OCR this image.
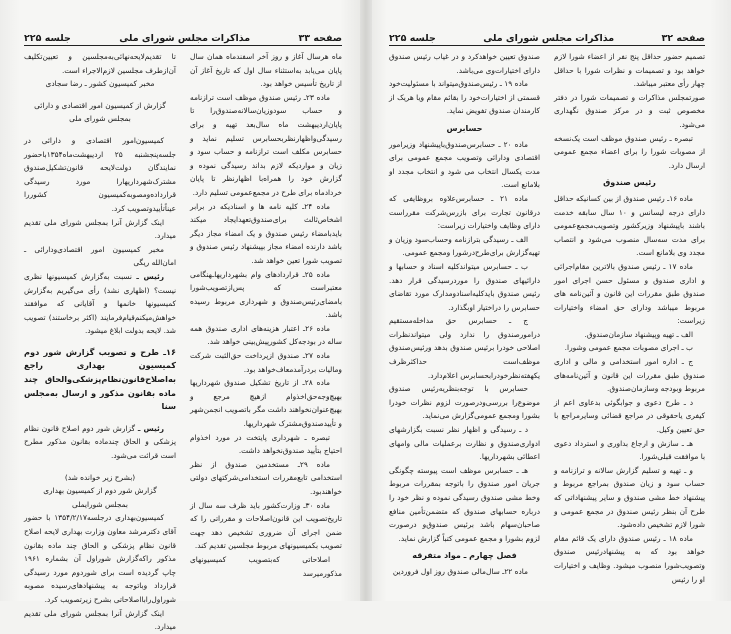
صفحه ۳۳
مذاکرات مجلس شورای ملی
جلسه ۲۲۵

ماه هرسال آغاز و روز آخر اسفندماه همان سال پایان می‌یابد به‌استثناء سال اول که تاریخ آغاز آن از تاریخ تأسیس خواهد بود.

ماده ۲۳ـ رئیس صندوق موظف است ترازنامه و حساب سودوزیان‌سالانه‌صندوق‌را تا پایان‌اردیبهشت ماه سال‌بعد تهیه و برای رسیدگی‌واظهارنظربحسابرس تسلیم نماید و حسابرس مکلف است ترازنامه و حساب سود و زیان و مواردیکه لازم بداند رسیدگی نموده و گزارش خود را همراه‌با اظهارنظر تا پایان خردادماه برای طرح در مجمع‌عمومی تسلیم دارد.

ماده ۲۴ـ کلیه نامه ها و اسنادیکه در برابر اشخاص‌ثالث برای‌صندوق‌تعهدایجاد میکند باید‌بامضاء رئیس صندوق و یک امضاء مجاز دیگر باشد دارنده امضاء مجاز بپیشنهاد رئیس صندوق و تصویب شورا تعین خواهد شد.

ماده ۲۵ـ قراردادهای وام بشهرداریها‌ـهنگامی معتبراست که پس‌ازتصویب‌شورا بامضای‌رئیس‌صندوق و شهرداری مربوط رسیده باشد.

ماده ۲۶ـ اعتبار هزینه‌های اداری صندوق همه ساله در بودجه‌کل کشورپیش‌بینی خواهد شد.

ماده ۲۷ـ صندوق ازپرداخت حق‌الثبت شرکت ومالیات بردرآمدمعاف‌خواهد بود.

ماده ۲۸ـ از تاریخ تشکیل صندوق شهرداریها بهیچ‌وجه‌حق‌اخذوام ازهیچ مرجع و بهیچ‌عنوان‌نخواهند داشت مگر باتصویب انجمن‌شهر و تأییدصندوق‌مشترک شهرداریها.

تبصره ـ شهرداری پایتخت در مورد اخذوام احتیاج بتأیید صندوق‌نخواهد داشت.

ماده ۲۹ـ مستخدمین صندوق از نظر استخدامی تابع‌مقررات استخدامی‌شرکتهای دولتی خواهندبود.

ماده ۳۰ـ وزارت‌کشور باید ظرف سه سال از تاریخ‌تصویب این قانون‌اصلاحات و مقرراتی را که ضمن اجرای آن ضروری تشخیص دهد جهت تصویب بکمیسیونهای مربوط مجلسین تقدیم کند.

اصلاحاتی که‌بتصویب کمیسیونهای مذکورمیرسد

تا تقدیم‌لایحه‌نهائی‌به‌مجلسین و تعیین‌تکلیف آن‌ازطرف مجلسین لازم‌الاجراء است.

مخبر کمیسیون کشور ـ رضا سجادی

گزارش از کمیسیون امور اقتصادی و دارائی

بمجلس شورای ملی

کمیسیون‌امور اقتصادی و دارائی در جلسه‌پنجشنبه ۲۵ اردیبهشت‌ماه۱۳۵۴باحضور نمایندگان دولت‌لایحه قانون‌تشکیل‌صندوق مشترک‌شهرداریهارا مورد رسیدگی قرارداده‌ومصوبه‌کمیسیون کشوررا عیناًتأییدوتصویب کرد.

اینک گزارش آنرا بمجلس شورای ملی تقدیم میدارد.

مخبر کمیسیون امور اقتصادی‌ودارائی ـ امان‌الله ریگی

رئیس ـ نسبت به‌گزارش کمیسیونها نظری نیست؟ (اظهاری نشد) رأی می‌گیریم به‌گزارش کمیسیونها خانمها و آقایانی که موافقند خواهش‌میکنم‌قیام‌فرمایند (اکثر برخاستند) تصویب شد. لایحه بدولت ابلاغ میشود.

۱۶ـ طرح و تصویب گزارش شور دوم کمیسیون بهداری راجع به‌اصلاح‌قانون‌نظام‌پزشکی‌والحاق چند ماده بقانون مذکور و ارسال به‌مجلس سنا

رئیس ـ گزارش شور دوم اصلاح قانون نظام پزشکی و الحاق چندماده بقانون مذکور مطرح است قرائت می‌شود.

(بشرح زیر خوانده شد)

گزارش شور دوم از کمیسیون بهداری

بمجلس شورایملی

کمیسیون‌بهداری درجلسه۱۳۵۴/۲/۱۷ با حضور آقای دکترمرشد معاون وزارت بهداری لایحه اصلاح قانون نظام پزشکی و الحاق چند ماده بقانون مذکور راکه‌گزارش شوراول آن بشماره ۱۹۶۱ چاپ گردیده است برای شوردوم مورد رسیدگی قرارداد وباتوجه به پیشنهادهای‌رسیده مصوبه شوراول‌را‌بااصلاحاتی بشرح زیرتصویب کرد.

اینک گزارش آنرا بمجلس شورای ملی تقدیم میدارد.

صفحه ۳۲
مذاکرات مجلس شورای ملی
جلسه ۲۲۵

تصمیم حضور حداقل پنج نفر از اعضاء شورا لازم خواهد بود و تصمیمات و نظرات شورا با حداقل چهار رأی معتبر میباشد.

صورتمجلس مذاکرات و تصمیمات شورا در دفتر مخصوص ثبت و در مرکز صندوق نگهداری می‌شود.

تبصره ـ رئیس صندوق موظف است یک‌نسخه از مصوبات شورا را برای اعضاء مجمع عمومی ارسال دارد.

رئیس صندوق

ماده ۱۶ـ رئیس صندوق از بین کسانیکه حداقل دارای درجه لیسانس و ۱۰ سال سابقه خدمت باشند باپیشنهاد وزیرکشور وتصویب‌مجمع‌عمومی برای مدت سه‌سال منصوب می‌شود و انتصاب مجدد وی بلامانع است.

ماده ۱۷ ـ رئیس صندوق بالاترین مقام‌اجرائی و اداری صندوق و مسئول حسن اجرای امور صندوق طبق مقررات این قانون و آئین‌نامه های مربوط میباشد ودارای حق امضاء واختیارات زیراست:

الف ـ تهیه وپیشنهاد سازمان‌صندوق.

ب ـ اجرای مصوبات مجمع عمومی وشورا.

ج ـ اداره امور استخدامی و مالی و اداری صندوق طبق مقررات این قانون و آئین‌نامه‌های مربوط وبودجه وسازمان‌صندوق.

د ـ طرح دعوی و جوابگوئی بدعاوی اعم از کیفری یاحقوقی در مراجع قضائی وسایرمراجع با حق تعیین وکیل.

هـ ـ سازش و ارجاع بداوری و استرداد دعوی با موافقت قبلی‌شورا.

و ـ تهیه و تسلیم گزارش سالانه و ترازنامه و حساب سود و زیان صندوق بمراجع مربوط و پیشنهاد خط مشی صندوق و سایر پیشنهاداتی که طرح آن بنظر رئیس صندوق در مجمع عمومی و شورا لازم تشخیص داده‌شود.

ماده ۱۸ ـ رئیس صندوق دارای یک قائم مقام خواهد بود که به پیشنهادرئیس صندوق وتصویب‌شورا منصوب میشود. وظایف و اختیارات او را رئیس

صندوق تعیین خواهدکرد و در غیاب رئیس صندوق دارای اختیارات‌وی می‌باشد.

ماده ۱۹ ـ رئیس‌صندوق‌میتواند با مسئولیت‌خود قسمتی از اختیارات‌خود را بقائم مقام ویا هریک از کارمندان صندوق تفویض نماید.

حسابرس

ماده ۲۰ ـ حسابرس‌صندوق‌باپیشنهاد وزیرامور اقتصادی ودارائی وتصویب مجمع عمومی برای مدت یکسال انتخاب می شود و انتخاب مجدد او بلامانع است.

ماده ۲۱ ـ حسابرس‌علاوه بروظایفی که درقانون تجارت برای بازرس‌شرکت مقرراست دارای وظایف واختیارات زیراست:

الف ـ رسیدگی بترازنامه وحساب‌سود وزیان و تهیه‌گزارش برای‌طرح‌درشورا ومجمع عمومی.

ب ـ حسابرس میتواندکلیه اسناد و حسابها و دارائیهای صندوق را موردرسیدگی قرار دهد. رئیس صندوق باید‌کلیه‌اسنادومدارک مورد تقاضای حسابرس را دراختیار اوبگذارد.

ج ـ حسابرس حق مداخله‌مستقیم درامورصندوق را ندارد ولی میتواندنظرات اصلاحی خودرا برئیس صندوق بدهد ورئیس‌صندوق موظف‌است حداکثرظرف یکهفته‌نظرخودرابحسابرس اعلام‌دارد.

حسابرس با توجه‌بنظریه‌رئیس صندوق موضوع‌را بررسی‌ودرصورت لزوم نظرات خودرا بشورا ومجمع عمومی‌گزارش می‌نماید.

د ـ رسیدگی و اظهار نظر نسبت بگزارشهای ادواری‌صندوق و نظارت برعملیات مالی وامهای اعطائی بشهرداریها.

هـ ـ حسابرس موظف است پیوسته چگونگی جریان امور صندوق را باتوجه بمقررات مربوط وخط مشی صندوق رسیدگی نموده و نظر خود را درباره حسابهای صندوق که متضمن‌تأمین منافع صاحبان‌سهام باشد برئیس صندوق‌و درصورت لزوم بشورا و مجمع عمومی کتباً گزارش نماید.

فصل چهارم ـ مواد متفرقه

ماده ۲۲ـ سال‌مالی صندوق روز اول فروردین
